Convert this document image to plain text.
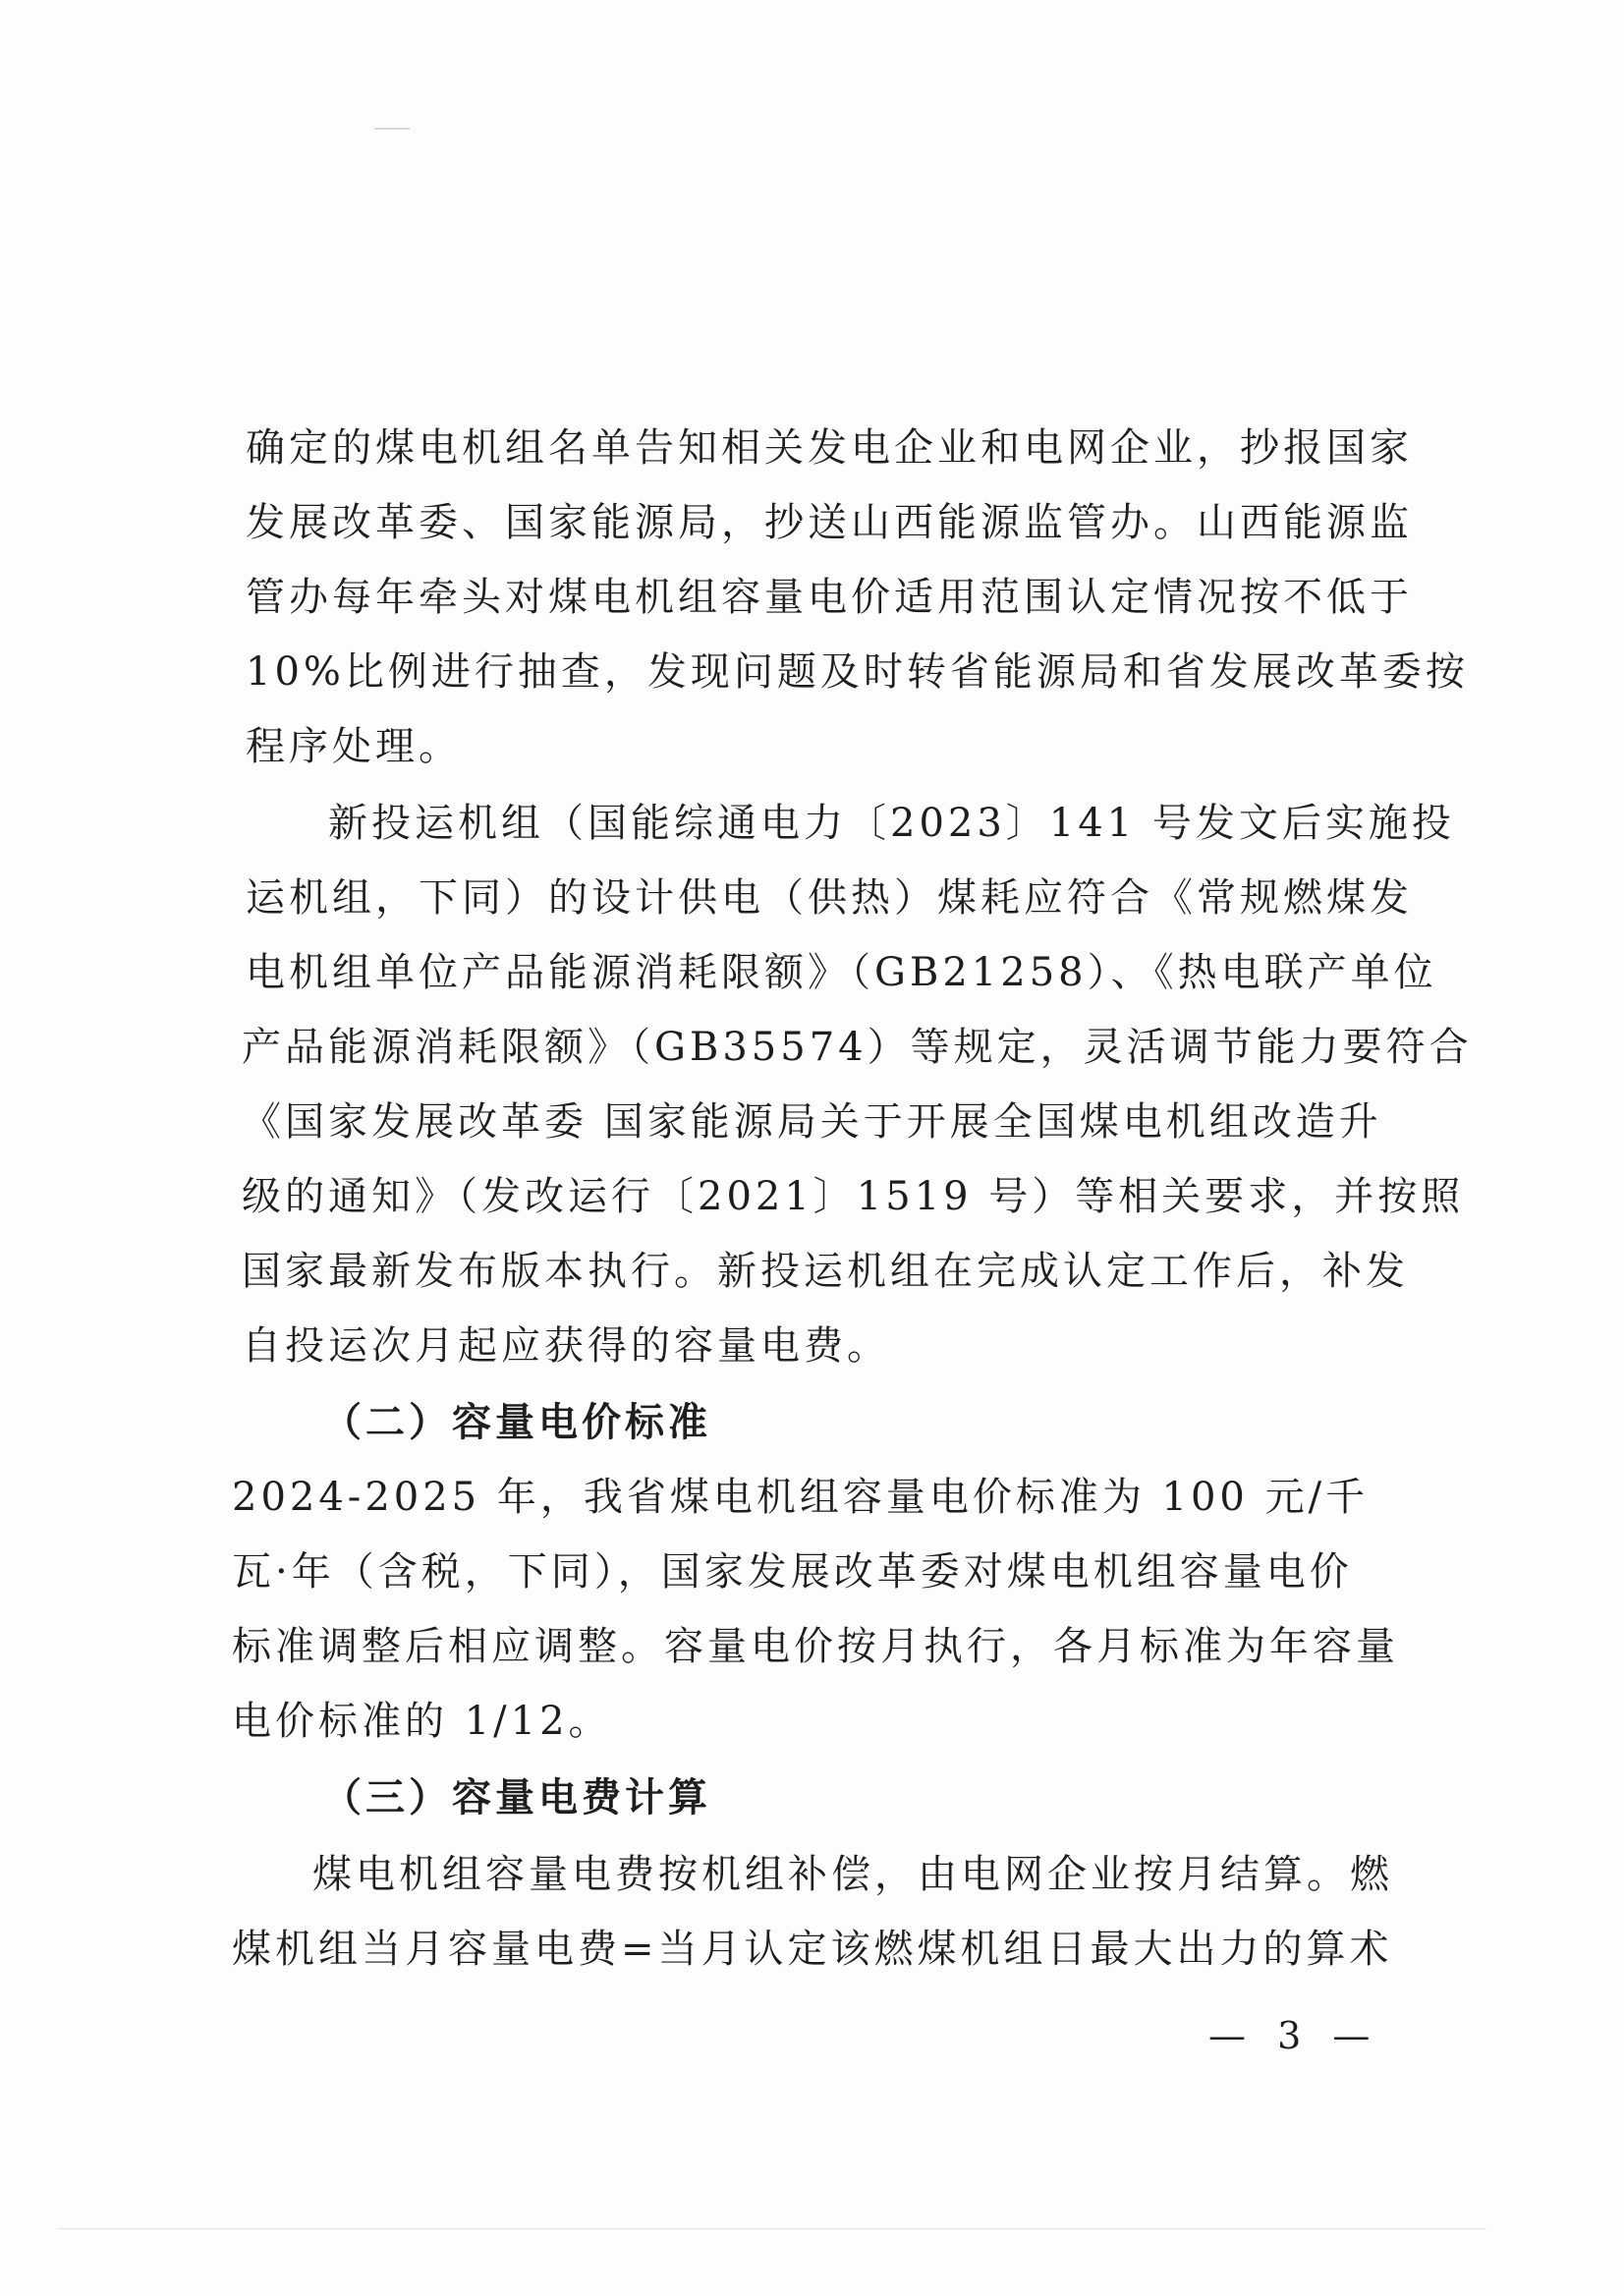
确定的煤电机组名单告知相关发电企业和电网企业，抄报国家
发展改革委、国家能源局，抄送山西能源监管办。山西能源监
管办每年牵头对煤电机组容量电价适用范围认定情况按不低于
10%比例进行抽查，发现问题及时转省能源局和省发展改革委按
程序处理。
新投运机组（国能综通电力〔2023〕141 号发文后实施投
运机组，下同）的设计供电（供热）煤耗应符合《常规燃煤发
电机组单位产品能源消耗限额》（GB21258）、《热电联产单位
产品能源消耗限额》（GB35574）等规定，灵活调节能力要符合
《国家发展改革委 国家能源局关于开展全国煤电机组改造升
级的通知》（发改运行〔2021〕1519 号）等相关要求，并按照
国家最新发布版本执行。新投运机组在完成认定工作后，补发
自投运次月起应获得的容量电费。
（二）容量电价标准
2024-2025 年，我省煤电机组容量电价标准为 100 元/千
瓦·年（含税，下同），国家发展改革委对煤电机组容量电价
标准调整后相应调整。容量电价按月执行，各月标准为年容量
电价标准的 1/12。
（三）容量电费计算
煤电机组容量电费按机组补偿，由电网企业按月结算。燃
煤机组当月容量电费=当月认定该燃煤机组日最大出力的算术
— 3 —
